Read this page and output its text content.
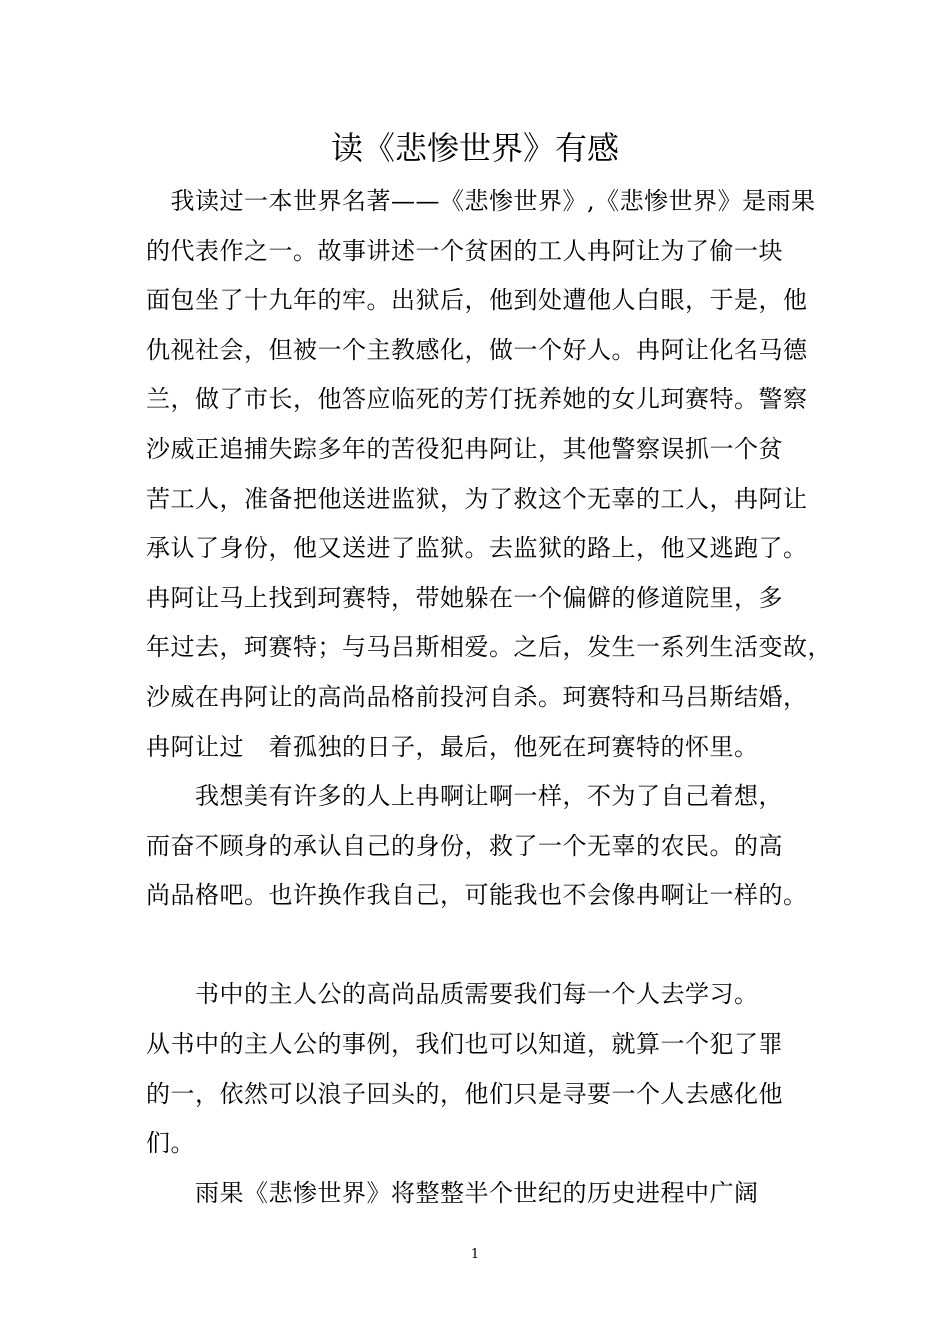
读《悲惨世界》有感
　我读过一本世界名著——《悲惨世界》,《悲惨世界》是雨果
的代表作之一。故事讲述一个贫困的工人冉阿让为了偷一块
面包坐了十九年的牢。出狱后，他到处遭他人白眼，于是，他
仇视社会，但被一个主教感化，做一个好人。冉阿让化名马德
兰，做了市长，他答应临死的芳仃抚养她的女儿珂赛特。警察
沙威正追捕失踪多年的苦役犯冉阿让，其他警察误抓一个贫
苦工人，准备把他送进监狱，为了救这个无辜的工人，冉阿让
承认了身份，他又送进了监狱。去监狱的路上，他又逃跑了。
冉阿让马上找到珂赛特，带她躲在一个偏僻的修道院里，多
年过去，珂赛特；与马吕斯相爱。之后，发生一系列生活变故，
沙威在冉阿让的高尚品格前投河自杀。珂赛特和马吕斯结婚，
冉阿让过　着孤独的日子，最后，他死在珂赛特的怀里。
　　我想美有许多的人上冉啊让啊一样，不为了自己着想，
而奋不顾身的承认自己的身份，救了一个无辜的农民。的高
尚品格吧。也许换作我自己，可能我也不会像冉啊让一样的。
　　书中的主人公的高尚品质需要我们每一个人去学习。
从书中的主人公的事例，我们也可以知道，就算一个犯了罪
的一，依然可以浪子回头的，他们只是寻要一个人去感化他
们。
　　雨果《悲惨世界》将整整半个世纪的历史进程中广阔
1
